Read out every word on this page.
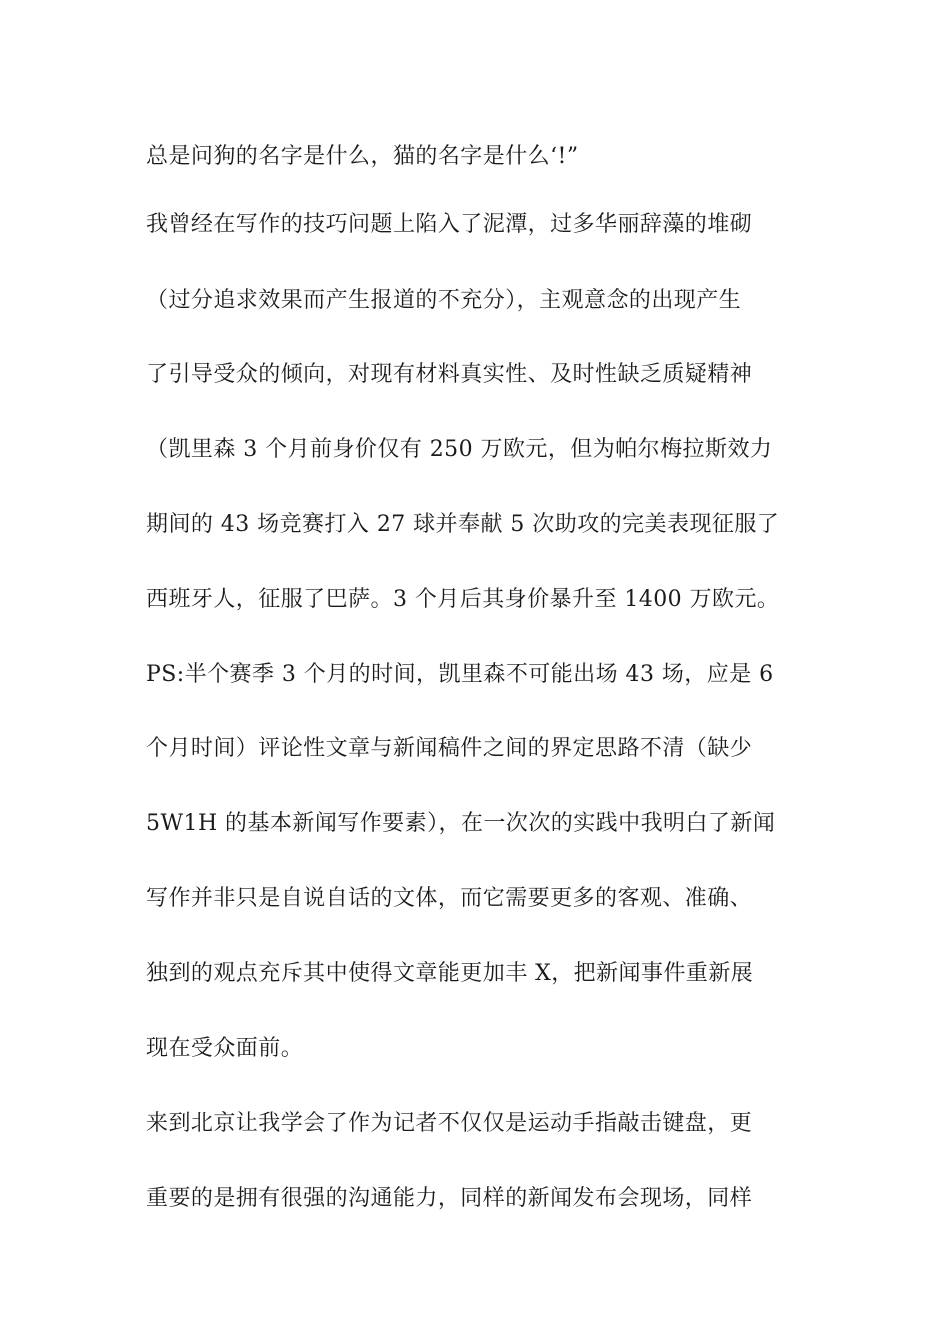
总是问狗的名字是什么，猫的名字是什么‘!”
我曾经在写作的技巧问题上陷入了泥潭，过多华丽辞藻的堆砌
（过分追求效果而产生报道的不充分），主观意念的出现产生
了引导受众的倾向，对现有材料真实性、及时性缺乏质疑精神
（凯里森 3 个月前身价仅有 250 万欧元，但为帕尔梅拉斯效力
期间的 43 场竞赛打入 27 球并奉献 5 次助攻的完美表现征服了
西班牙人，征服了巴萨。3 个月后其身价暴升至 1400 万欧元。
PS:半个赛季 3 个月的时间，凯里森不可能出场 43 场，应是 6
个月时间）评论性文章与新闻稿件之间的界定思路不清（缺少
5W1H 的基本新闻写作要素），在一次次的实践中我明白了新闻
写作并非只是自说自话的文体，而它需要更多的客观、准确、
独到的观点充斥其中使得文章能更加丰 X，把新闻事件重新展
现在受众面前。
来到北京让我学会了作为记者不仅仅是运动手指敲击键盘，更
重要的是拥有很强的沟通能力，同样的新闻发布会现场，同样
